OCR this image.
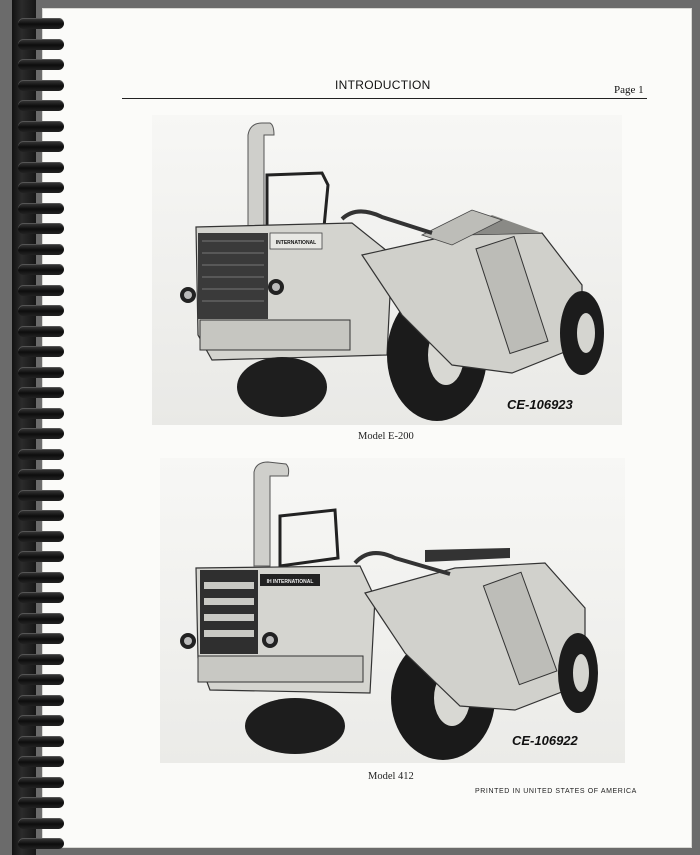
INTRODUCTION	Page 1
INTERNATIONAL
CE-106923
Model E-200
IH INTERNATIONAL
CE-106922
Model 412
PRINTED IN UNITED STATES OF AMERICA
